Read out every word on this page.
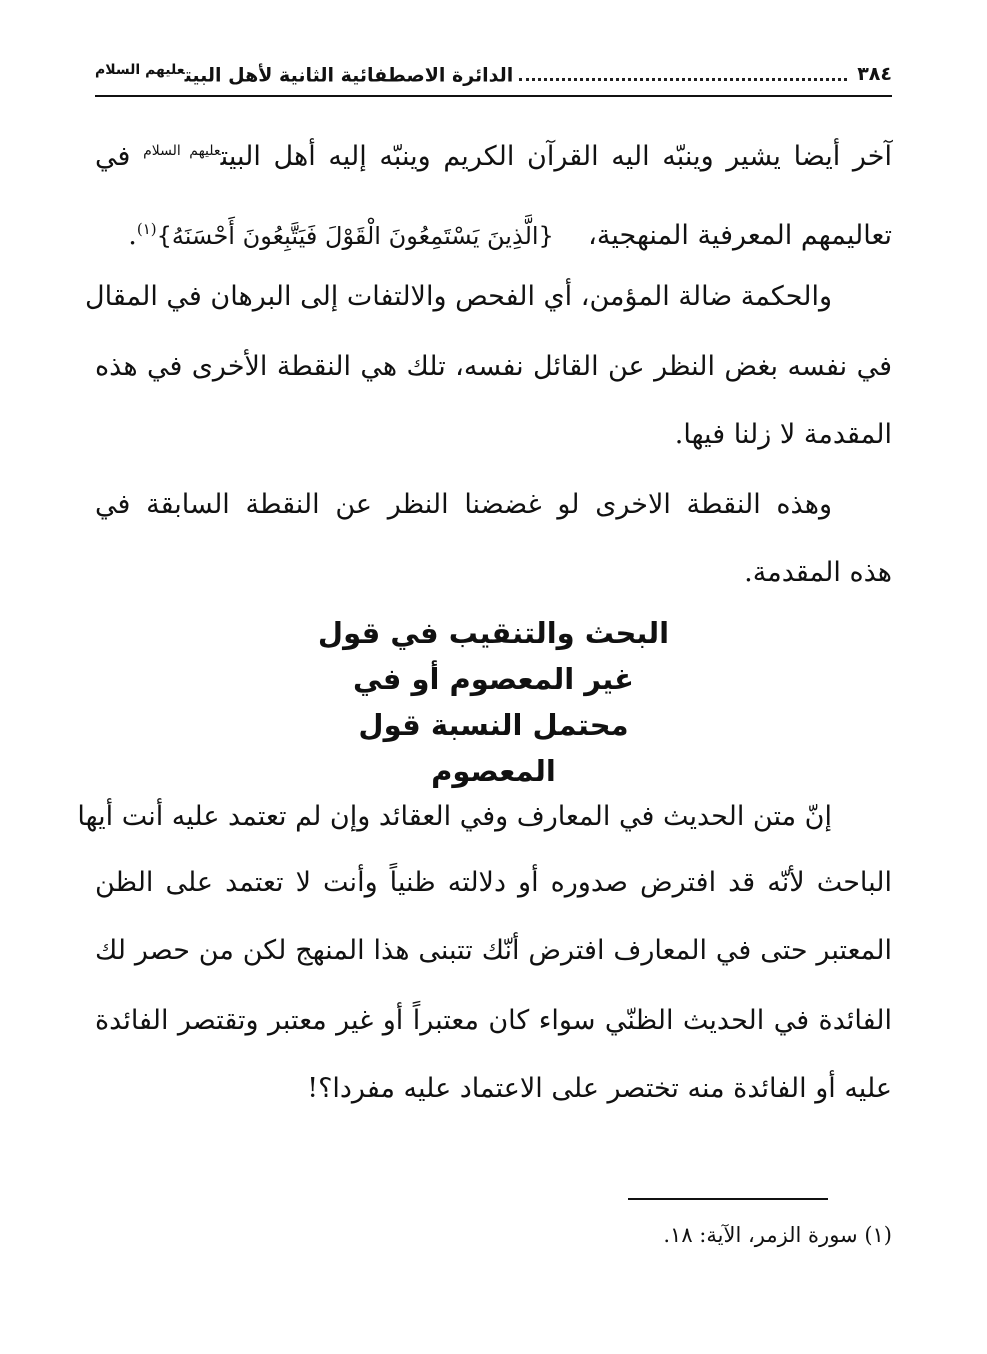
٣٨٤
الدائرة الاصطفائية الثانية لأهل البيت$^{عليهم السلام}$
آخر أيضا يشير وينبّه اليه القرآن الكريم وينبّه إليه أهل البيت$^{عليهم السلام}$ في
تعاليمهم المعرفية المنهجية،    {الَّذِينَ يَسْتَمِعُونَ الْقَوْلَ فَيَتَّبِعُونَ أَحْسَنَهُ}$^{(١)}$.
والحكمة ضالة المؤمن، أي الفحص والالتفات إلى البرهان في المقال
في نفسه بغض النظر عن القائل نفسه، تلك هي النقطة الأخرى في هذه
المقدمة لا زلنا فيها.
وهذه النقطة الاخرى لو غضضنا النظر عن النقطة السابقة في
هذه المقدمة.
البحث والتنقيب في قول
غير المعصوم أو في
محتمل النسبة قول
المعصوم
إنّ متن الحديث في المعارف وفي العقائد وإن لم تعتمد عليه أنت أيها
الباحث لأنّه قد افترض صدوره أو دلالته ظنياً وأنت لا تعتمد على الظن
المعتبر حتى في المعارف افترض أنّك تتبنى هذا المنهج لكن من حصر لك
الفائدة في الحديث الظنّي سواء كان معتبراً أو غير معتبر وتقتصر الفائدة
عليه أو الفائدة منه تختصر على الاعتماد عليه مفردا؟!
(١) سورة الزمر، الآية: ١٨.
